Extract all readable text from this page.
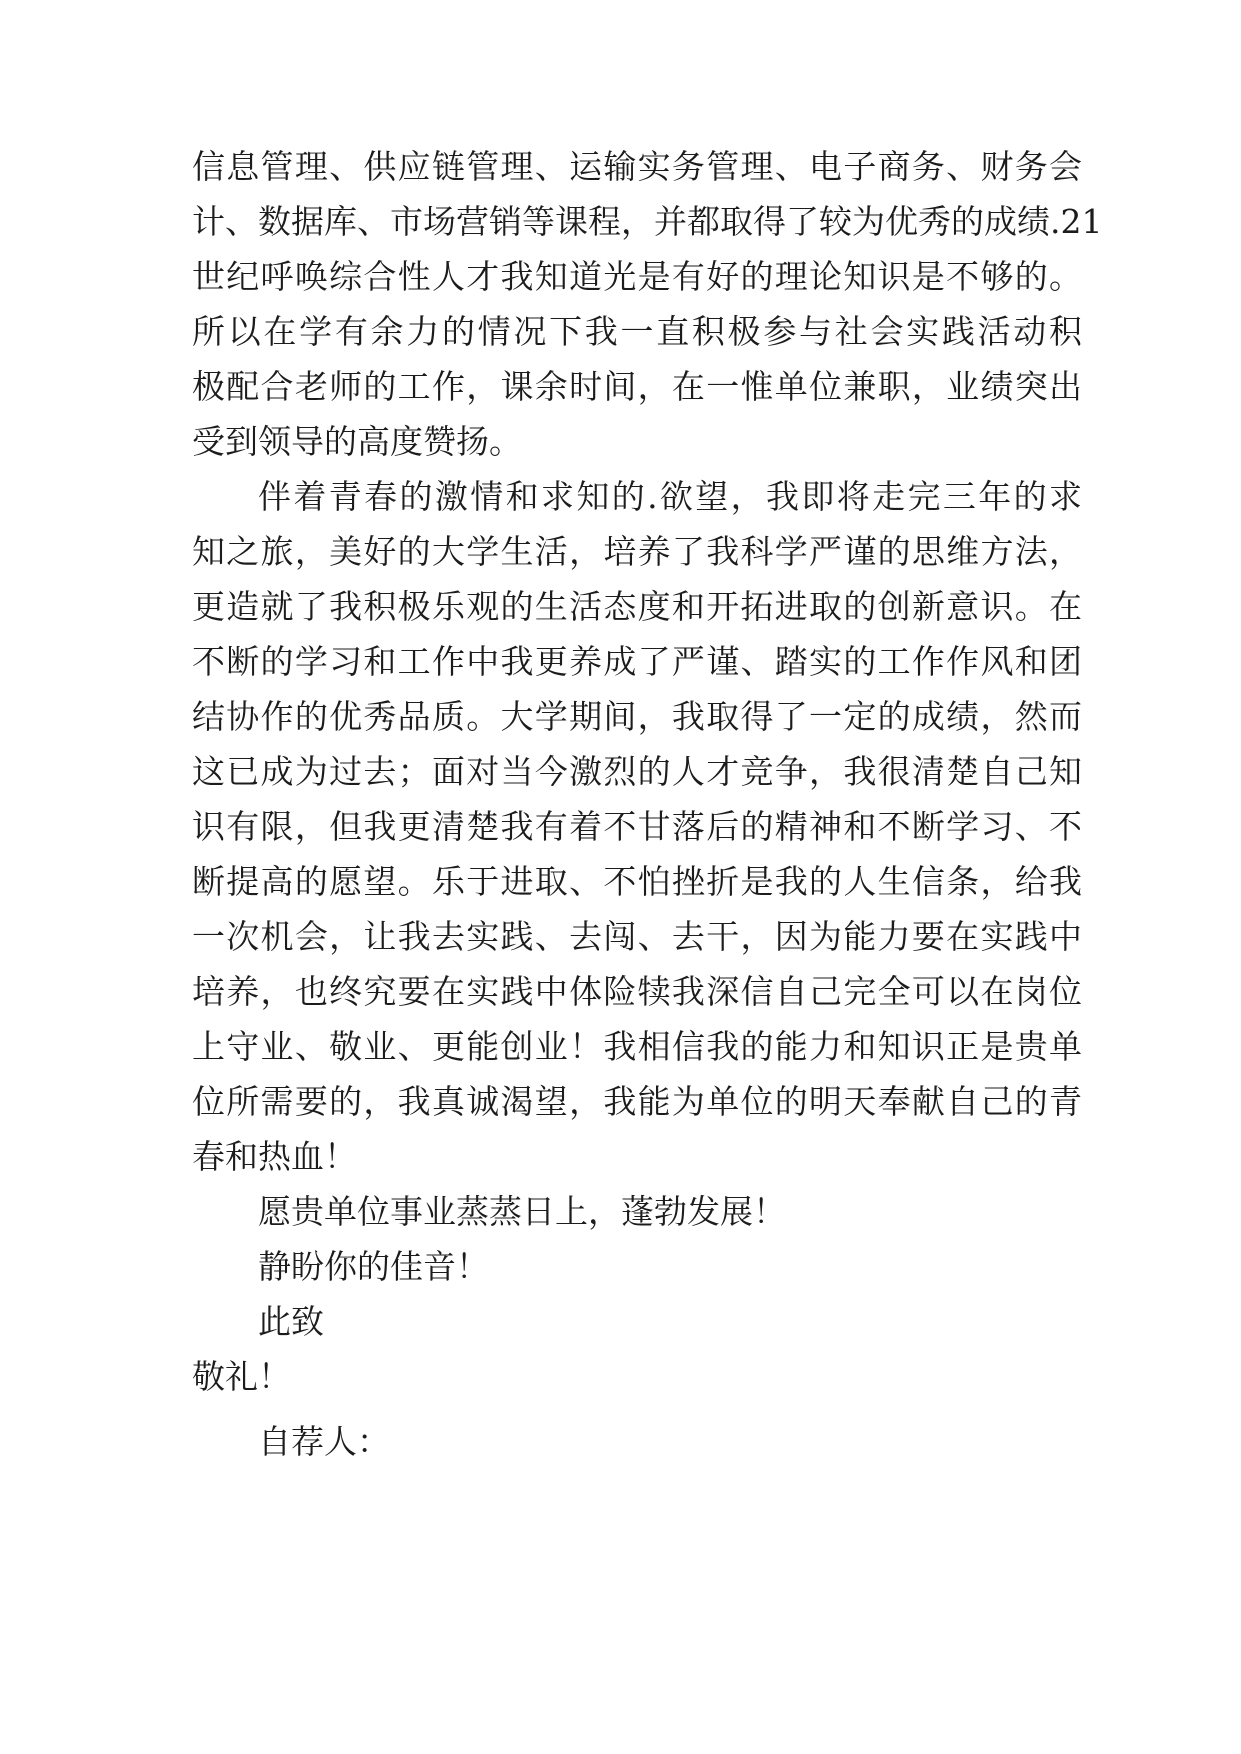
信息管理、供应链管理、运输实务管理、电子商务、财务会

计、数据库、市场营销等课程，并都取得了较为优秀的成绩.21

世纪呼唤综合性人才我知道光是有好的理论知识是不够的。

所以在学有余力的情况下我一直积极参与社会实践活动积

极配合老师的工作，课余时间，在一惟单位兼职，业绩突出

受到领导的高度赞扬。

伴着青春的激情和求知的.欲望，我即将走完三年的求

知之旅，美好的大学生活，培养了我科学严谨的思维方法，

更造就了我积极乐观的生活态度和开拓进取的创新意识。在

不断的学习和工作中我更养成了严谨、踏实的工作作风和团

结协作的优秀品质。大学期间，我取得了一定的成绩，然而

这已成为过去；面对当今激烈的人才竞争，我很清楚自己知

识有限，但我更清楚我有着不甘落后的精神和不断学习、不

断提高的愿望。乐于进取、不怕挫折是我的人生信条，给我

一次机会，让我去实践、去闯、去干，因为能力要在实践中

培养，也终究要在实践中体险犊我深信自己完全可以在岗位

上守业、敬业、更能创业！我相信我的能力和知识正是贵单

位所需要的，我真诚渴望，我能为单位的明天奉献自己的青

春和热血！

愿贵单位事业蒸蒸日上，蓬勃发展！

静盼你的佳音！

此致

敬礼！

自荐人：
